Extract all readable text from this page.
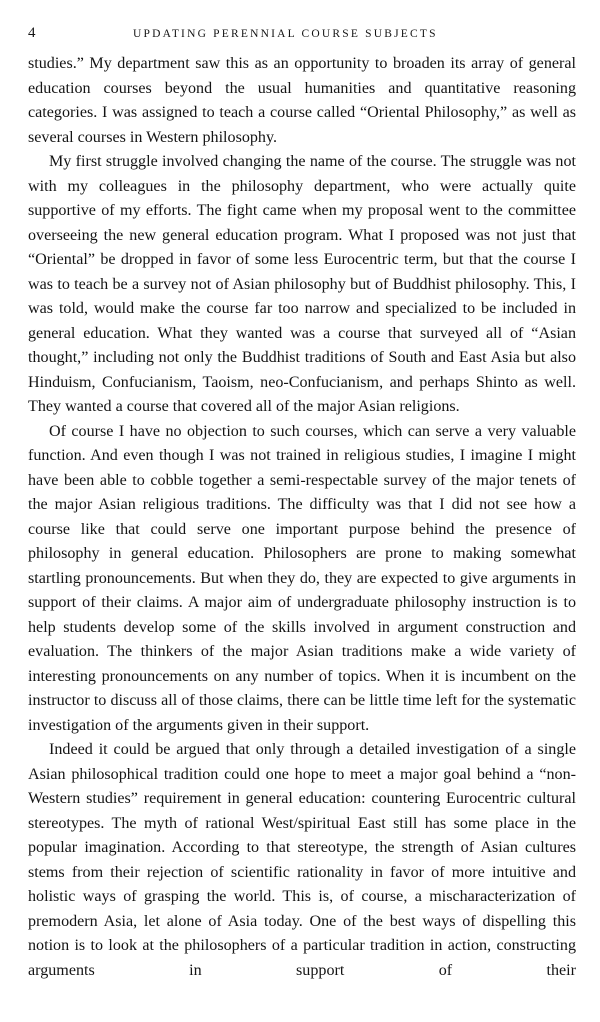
4	UPDATING PERENNIAL COURSE SUBJECTS

studies.” My department saw this as an opportunity to broaden its array of general education courses beyond the usual humanities and quantitative reasoning categories. I was assigned to teach a course called “Oriental Philosophy,” as well as several courses in Western philosophy.

My first struggle involved changing the name of the course. The struggle was not with my colleagues in the philosophy department, who were actually quite supportive of my efforts. The fight came when my proposal went to the committee overseeing the new general education program. What I proposed was not just that “Oriental” be dropped in favor of some less Eurocentric term, but that the course I was to teach be a survey not of Asian philosophy but of Buddhist philosophy. This, I was told, would make the course far too narrow and specialized to be included in general education. What they wanted was a course that surveyed all of “Asian thought,” including not only the Buddhist traditions of South and East Asia but also Hinduism, Confucianism, Taoism, neo-Confucianism, and perhaps Shinto as well. They wanted a course that covered all of the major Asian religions.

Of course I have no objection to such courses, which can serve a very valuable function. And even though I was not trained in religious studies, I imagine I might have been able to cobble together a semi-respectable survey of the major tenets of the major Asian religious traditions. The difficulty was that I did not see how a course like that could serve one important purpose behind the presence of philosophy in general education. Philosophers are prone to making somewhat startling pronouncements. But when they do, they are expected to give arguments in support of their claims. A major aim of undergraduate philosophy instruction is to help students develop some of the skills involved in argument construction and evaluation. The thinkers of the major Asian traditions make a wide variety of interesting pronouncements on any number of topics. When it is incumbent on the instructor to discuss all of those claims, there can be little time left for the systematic investigation of the arguments given in their support.

Indeed it could be argued that only through a detailed investigation of a single Asian philosophical tradition could one hope to meet a major goal behind a “non-Western studies” requirement in general education: countering Eurocentric cultural stereotypes. The myth of rational West/spiritual East still has some place in the popular imagination. According to that stereotype, the strength of Asian cultures stems from their rejection of scientific rationality in favor of more intuitive and holistic ways of grasping the world. This is, of course, a mischaracterization of premodern Asia, let alone of Asia today. One of the best ways of dispelling this notion is to look at the philosophers of a particular tradition in action, constructing arguments in support of their
